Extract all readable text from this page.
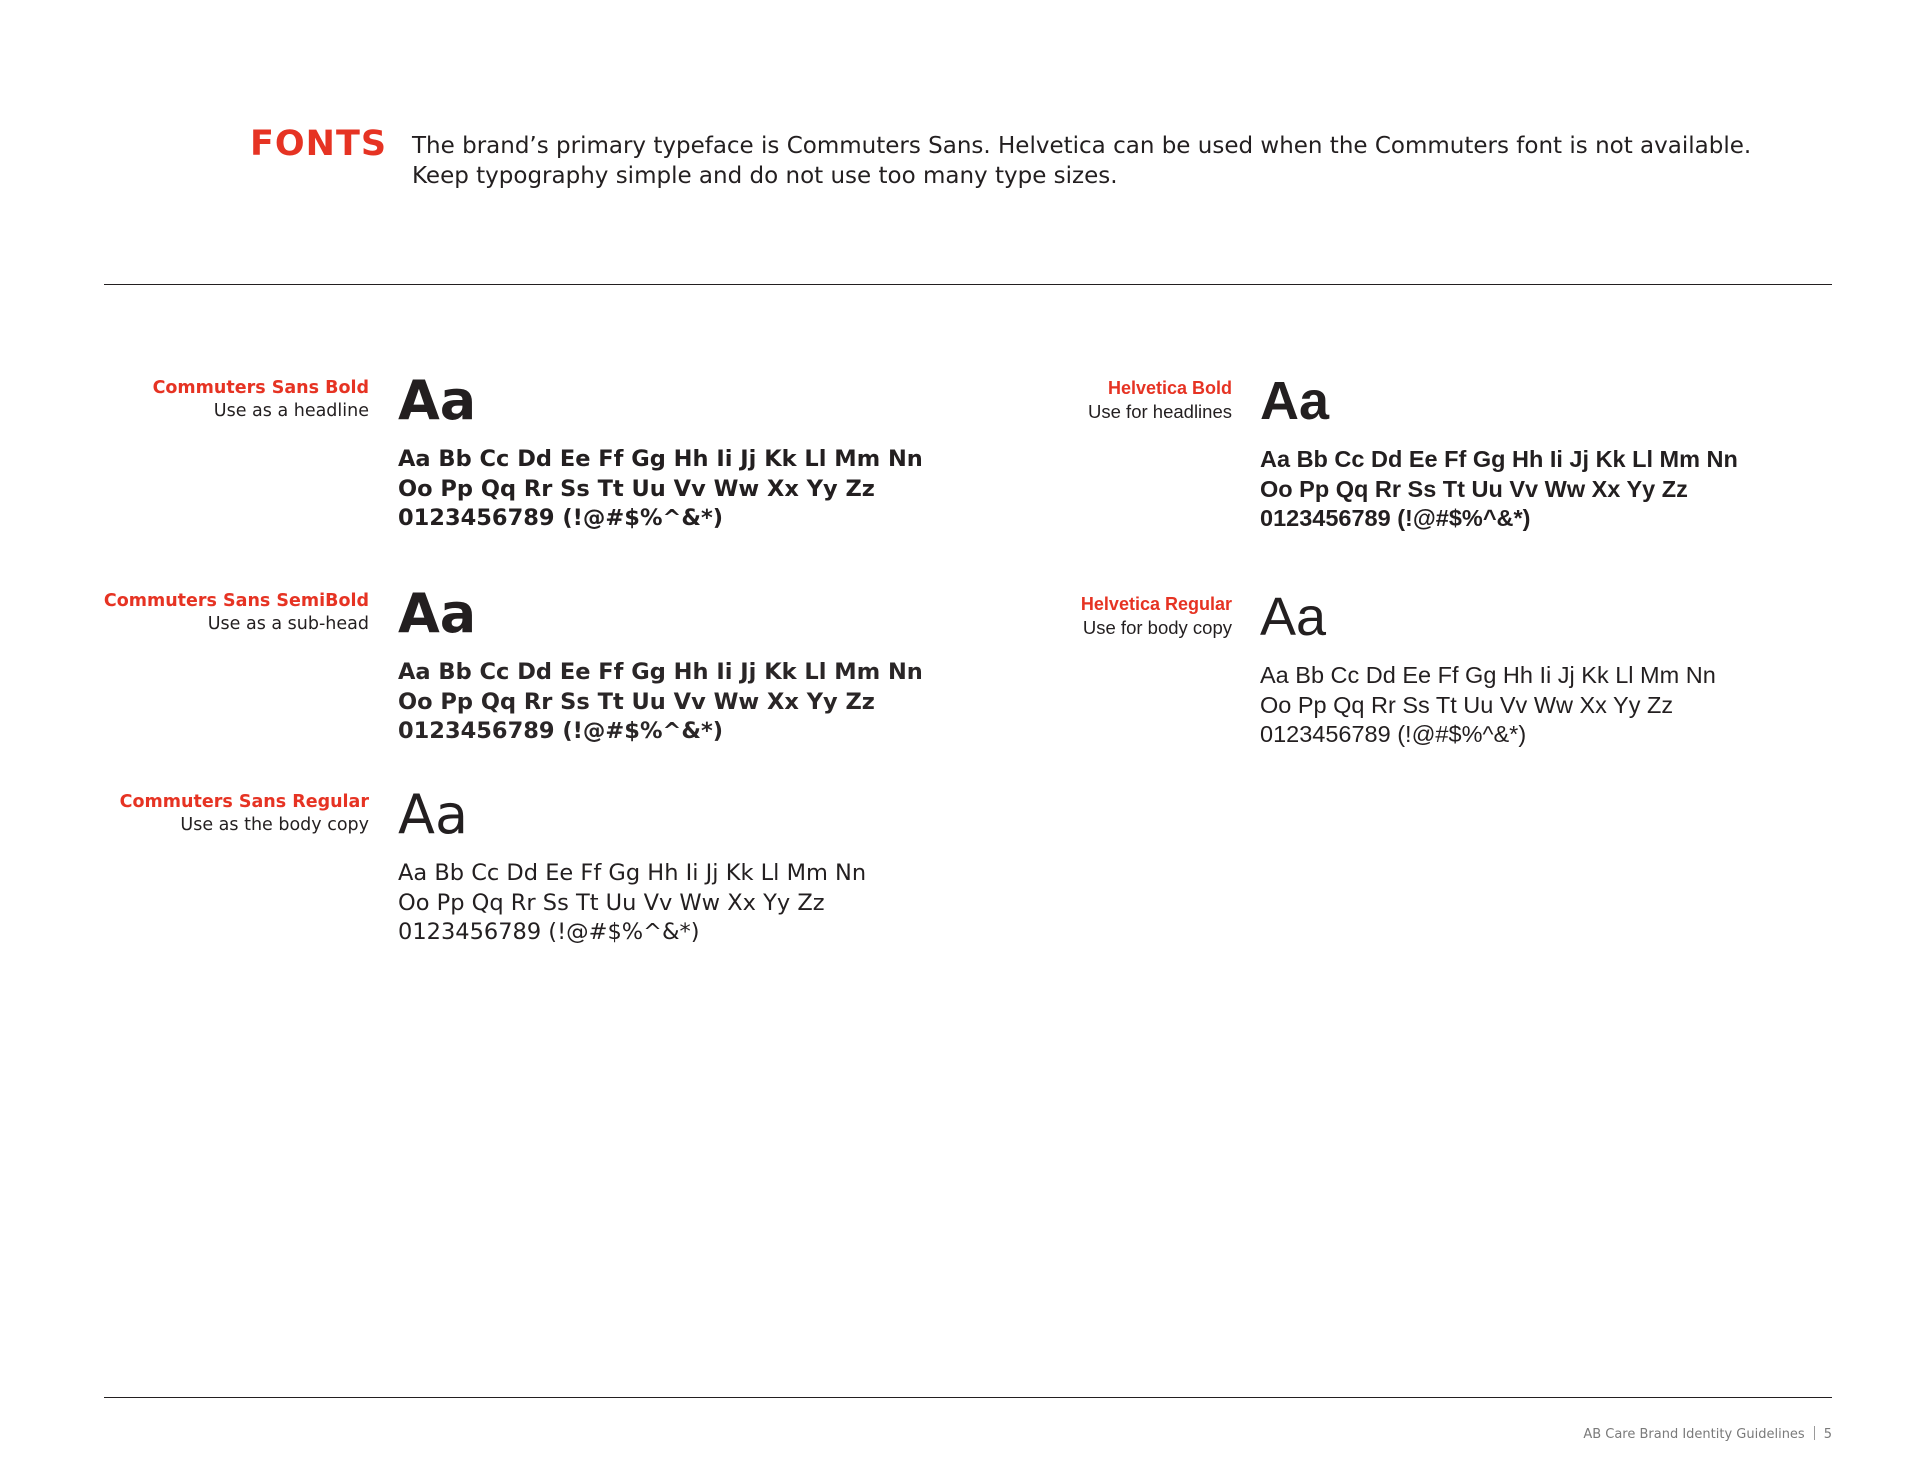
FONTS The brand’s primary typeface is Commuters Sans. Helvetica can be used when the Commuters font is not available. Keep typography simple and do not use too many type sizes.
Commuters Sans Bold
Use as a headline Aa
Aa Bb Cc Dd Ee Ff Gg Hh Ii Jj Kk Ll Mm Nn
Oo Pp Qq Rr Ss Tt Uu Vv Ww Xx Yy Zz
0123456789 (!@#$%^&*)
Commuters Sans SemiBold
Use as a sub-head Aa
Aa Bb Cc Dd Ee Ff Gg Hh Ii Jj Kk Ll Mm Nn
Oo Pp Qq Rr Ss Tt Uu Vv Ww Xx Yy Zz
0123456789 (!@#$%^&*)
Commuters Sans Regular
Use as the body copy Aa
Aa Bb Cc Dd Ee Ff Gg Hh Ii Jj Kk Ll Mm Nn
Oo Pp Qq Rr Ss Tt Uu Vv Ww Xx Yy Zz
0123456789 (!@#$%^&*)
Helvetica Bold
Use for headlines Aa
Aa Bb Cc Dd Ee Ff Gg Hh Ii Jj Kk Ll Mm Nn
Oo Pp Qq Rr Ss Tt Uu Vv Ww Xx Yy Zz
0123456789 (!@#$%^&*)
Helvetica Regular
Use for body copy Aa
Aa Bb Cc Dd Ee Ff Gg Hh Ii Jj Kk Ll Mm Nn
Oo Pp Qq Rr Ss Tt Uu Vv Ww Xx Yy Zz
0123456789 (!@#$%^&*)
AB Care Brand Identity Guidelines 5
